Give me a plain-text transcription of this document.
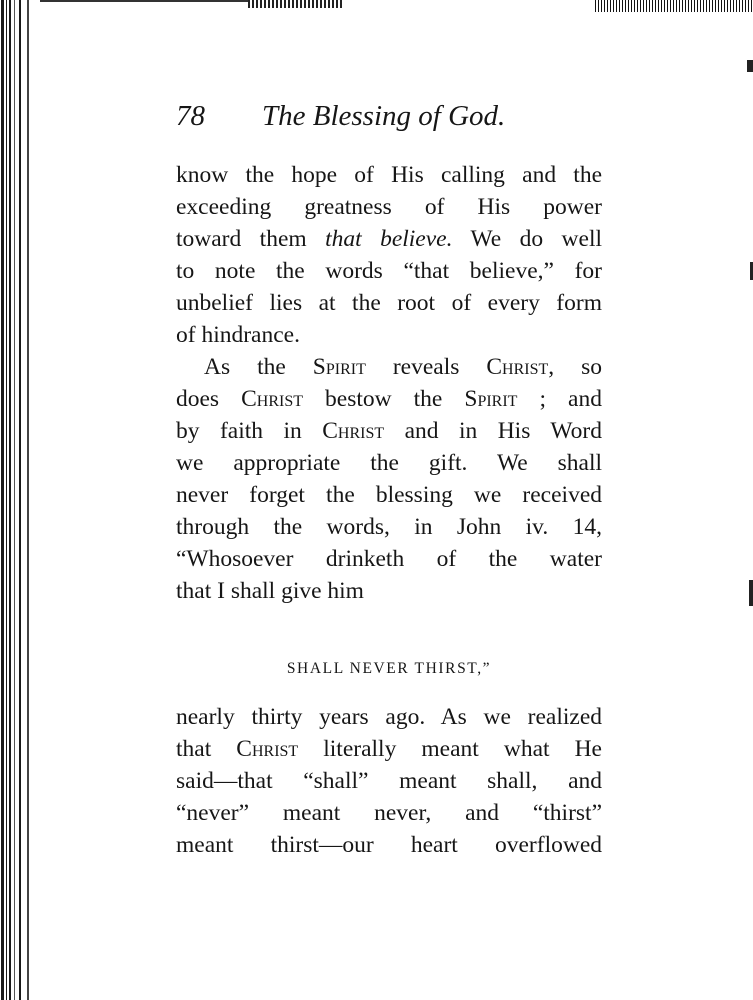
78 The Blessing of God.
know the hope of His calling and the
exceeding greatness of His power
toward them that believe. We do well
to note the words “that believe,” for
unbelief lies at the root of every form
of hindrance.
As the Spirit reveals Christ, so
does Christ bestow the Spirit ; and
by faith in Christ and in His Word
we appropriate the gift. We shall
never forget the blessing we received
through the words, in John iv. 14,
“Whosoever drinketh of the water
that I shall give him
SHALL NEVER THIRST,”
nearly thirty years ago. As we realized
that Christ literally meant what He
said—that “shall” meant shall, and
“never” meant never, and “thirst”
meant thirst—our heart overflowed
